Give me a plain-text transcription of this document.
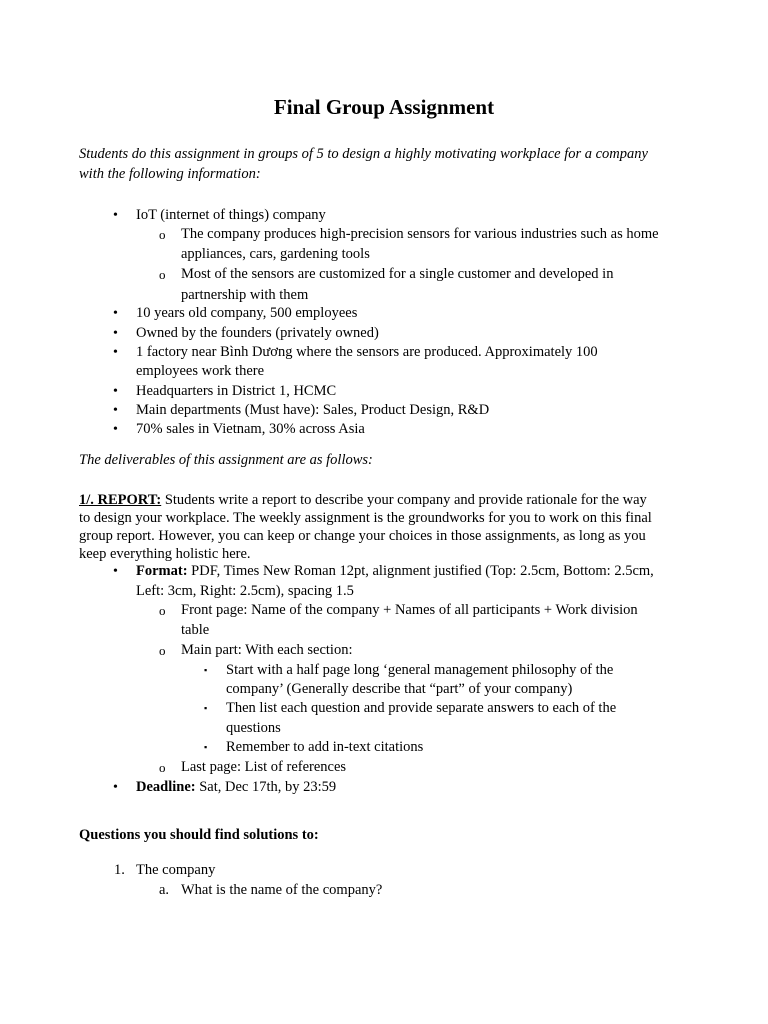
Final Group Assignment
Students do this assignment in groups of 5 to design a highly motivating workplace for a company
with the following information:
• IoT (internet of things) company
o The company produces high-precision sensors for various industries such as home
appliances, cars, gardening tools
o Most of the sensors are customized for a single customer and developed in
partnership with them
• 10 years old company, 500 employees
• Owned by the founders (privately owned)
• 1 factory near Bình Dương where the sensors are produced. Approximately 100
employees work there
• Headquarters in District 1, HCMC
• Main departments (Must have): Sales, Product Design, R&D
• 70% sales in Vietnam, 30% across Asia
The deliverables of this assignment are as follows:
1/. REPORT: Students write a report to describe your company and provide rationale for the way
to design your workplace. The weekly assignment is the groundworks for you to work on this final
group report. However, you can keep or change your choices in those assignments, as long as you
keep everything holistic here.
• Format: PDF, Times New Roman 12pt, alignment justified (Top: 2.5cm, Bottom: 2.5cm,
Left: 3cm, Right: 2.5cm), spacing 1.5
o Front page: Name of the company + Names of all participants + Work division
table
o Main part: With each section:
▪ Start with a half page long ‘general management philosophy of the
company’ (Generally describe that “part” of your company)
▪ Then list each question and provide separate answers to each of the
questions
▪ Remember to add in-text citations
o Last page: List of references
• Deadline: Sat, Dec 17th, by 23:59
Questions you should find solutions to:
1. The company
a. What is the name of the company?
